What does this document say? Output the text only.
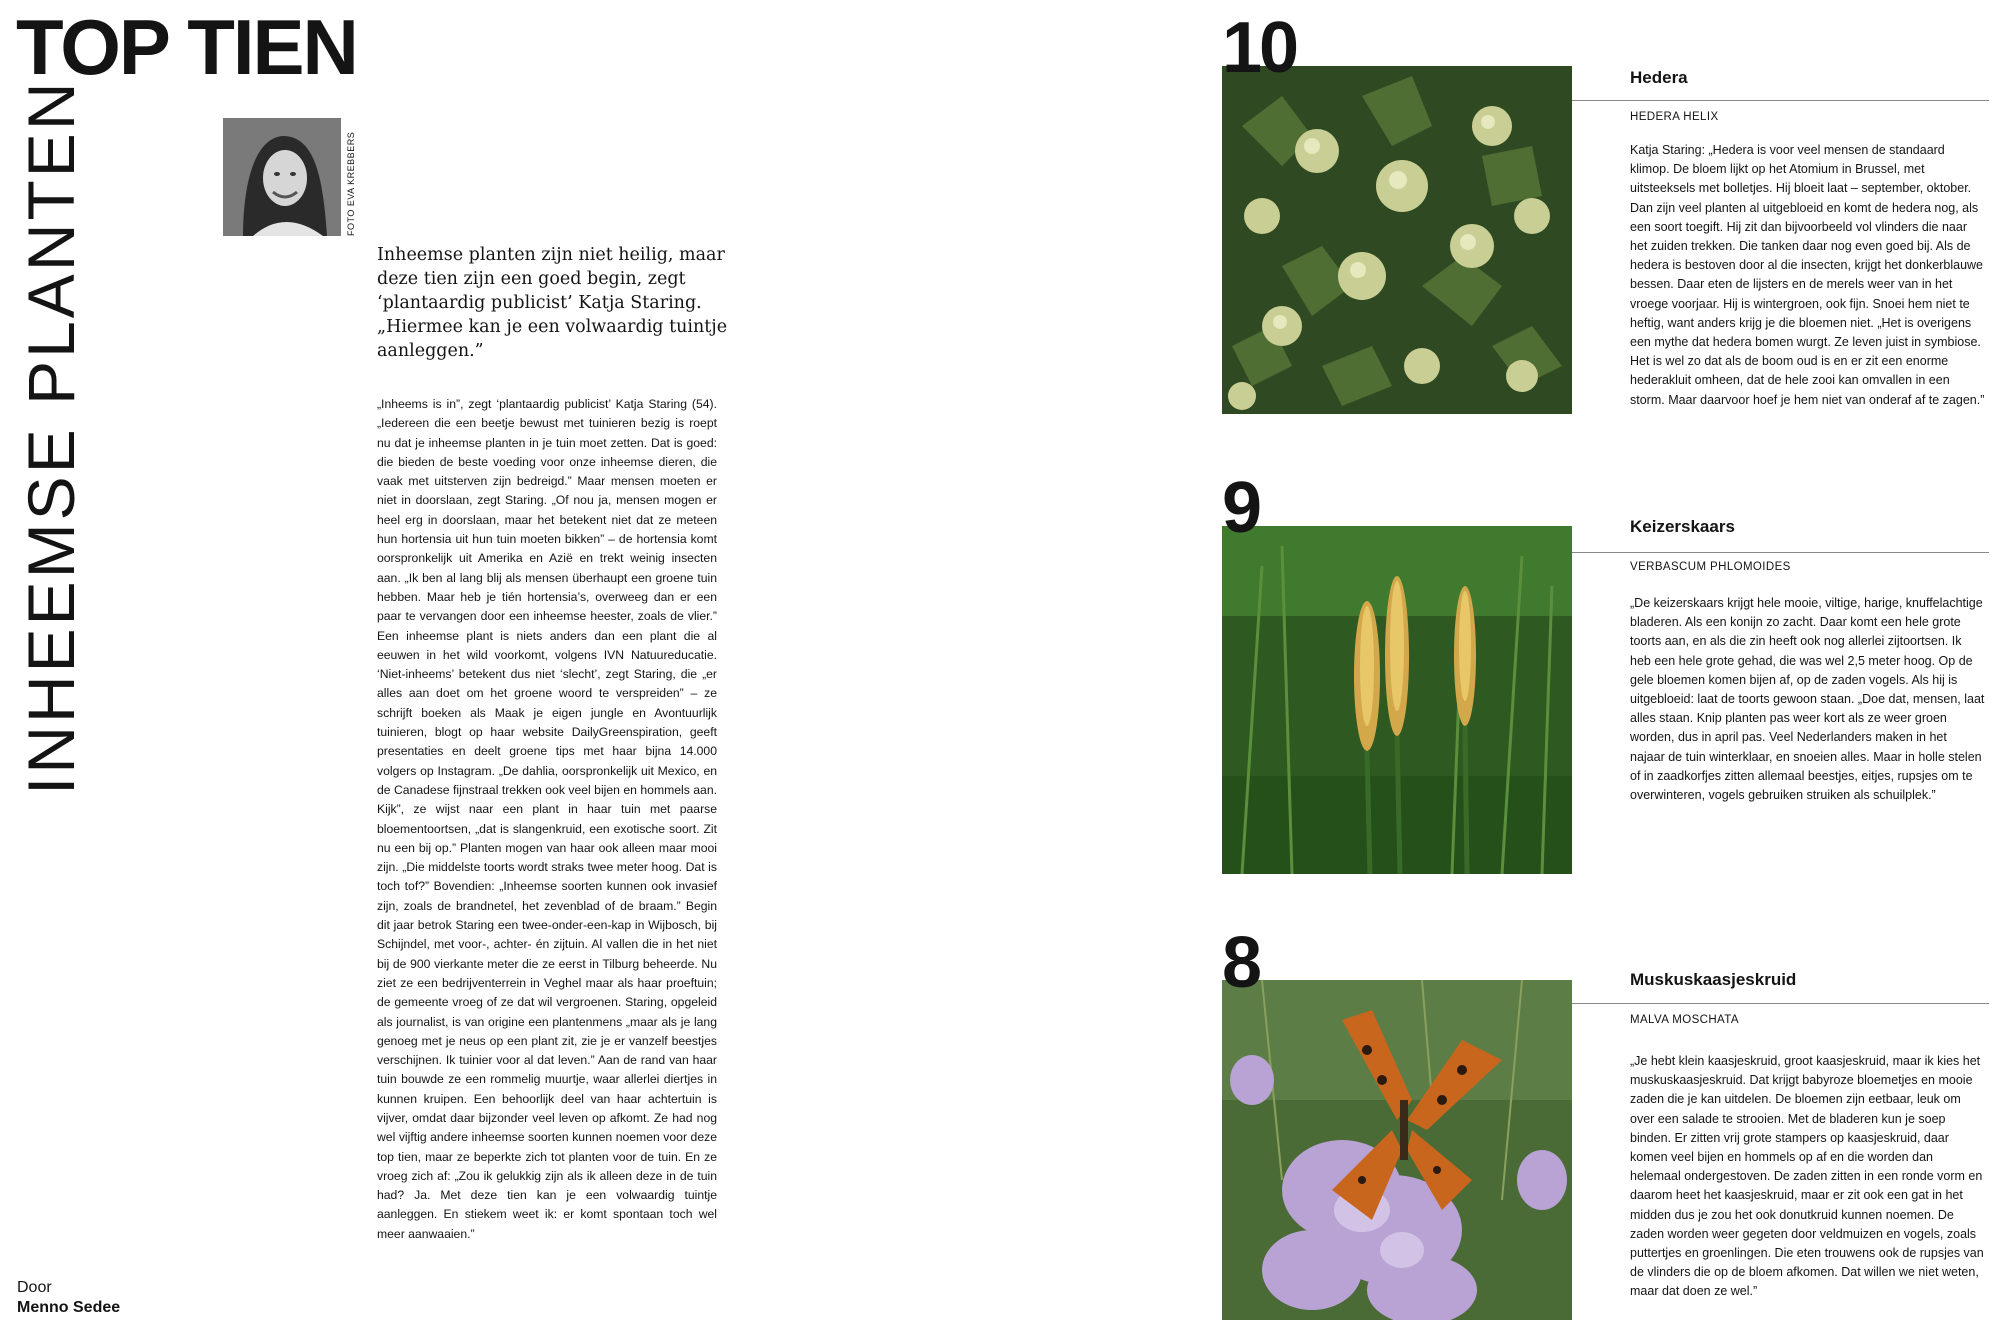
TOP TIEN
INHEEMSE PLANTEN	FOTO EVA KREBBERS

Inheemse planten zijn niet heilig, maar deze tien zijn een goed begin, zegt ‘plantaardig publicist’ Katja Staring. „Hiermee kan je een volwaardig tuintje aanleggen.”

„Inheems is in”, zegt ‘plantaardig publicist’ Katja Staring (54). „Iedereen die een beetje bewust met tuinieren bezig is roept nu dat je inheemse planten in je tuin moet zetten. Dat is goed: die bieden de beste voeding voor onze inheemse dieren, die vaak met uitsterven zijn bedreigd.” Maar mensen moeten er niet in doorslaan, zegt Staring. „Of nou ja, mensen mogen er heel erg in doorslaan, maar het betekent niet dat ze meteen hun hortensia uit hun tuin moeten bikken” – de hortensia komt oorspronkelijk uit Amerika en Azië en trekt weinig insecten aan. „Ik ben al lang blij als mensen überhaupt een groene tuin hebben. Maar heb je tién hortensia’s, overweeg dan er een paar te vervangen door een inheemse heester, zoals de vlier.” Een inheemse plant is niets anders dan een plant die al eeuwen in het wild voorkomt, volgens IVN Natuureducatie. ‘Niet-inheems’ betekent dus niet ‘slecht’, zegt Staring, die „er alles aan doet om het groene woord te verspreiden” – ze schrijft boeken als Maak je eigen jungle en Avontuurlijk tuinieren, blogt op haar website DailyGreenspiration, geeft presentaties en deelt groene tips met haar bijna 14.000 volgers op Instagram. „De dahlia, oorspronkelijk uit Mexico, en de Canadese fijnstraal trekken ook veel bijen en hommels aan. Kijk”, ze wijst naar een plant in haar tuin met paarse bloementoortsen, „dat is slangenkruid, een exotische soort. Zit nu een bij op.” Planten mogen van haar ook alleen maar mooi zijn. „Die middelste toorts wordt straks twee meter hoog. Dat is toch tof?” Bovendien: „Inheemse soorten kunnen ook invasief zijn, zoals de brandnetel, het zevenblad of de braam.” Begin dit jaar betrok Staring een twee-onder-een-kap in Wijbosch, bij Schijndel, met voor-, achter- én zijtuin. Al vallen die in het niet bij de 900 vierkante meter die ze eerst in Tilburg beheerde. Nu ziet ze een bedrijventerrein in Veghel maar als haar proeftuin; de gemeente vroeg of ze dat wil vergroenen. Staring, opgeleid als journalist, is van origine een plantenmens „maar als je lang genoeg met je neus op een plant zit, zie je er vanzelf beestjes verschijnen. Ik tuinier voor al dat leven.” Aan de rand van haar tuin bouwde ze een rommelig muurtje, waar allerlei diertjes in kunnen kruipen. Een behoorlijk deel van haar achtertuin is vijver, omdat daar bijzonder veel leven op afkomt. Ze had nog wel vijftig andere inheemse soorten kunnen noemen voor deze top tien, maar ze beperkte zich tot planten voor de tuin. En ze vroeg zich af: „Zou ik gelukkig zijn als ik alleen deze in de tuin had? Ja. Met deze tien kan je een volwaardig tuintje aanleggen. En stiekem weet ik: er komt spontaan toch wel meer aanwaaien.”

Door
Menno Sedee
10	Hedera
HEDERA HELIX

Katja Staring: „Hedera is voor veel mensen de standaard klimop. De bloem lijkt op het Atomium in Brussel, met uitsteeksels met bolletjes. Hij bloeit laat – september, oktober. Dan zijn veel planten al uitgebloeid en komt de hedera nog, als een soort toegift. Hij zit dan bijvoorbeeld vol vlinders die naar het zuiden trekken. Die tanken daar nog even goed bij. Als de hedera is bestoven door al die insecten, krijgt het donkerblauwe bessen. Daar eten de lijsters en de merels weer van in het vroege voorjaar. Hij is wintergroen, ook fijn. Snoei hem niet te heftig, want anders krijg je die bloemen niet. „Het is overigens een mythe dat hedera bomen wurgt. Ze leven juist in symbiose. Het is wel zo dat als de boom oud is en er zit een enorme hederakluit omheen, dat de hele zooi kan omvallen in een storm. Maar daarvoor hoef je hem niet van onderaf af te zagen.”

9	Keizerskaars
VERBASCUM PHLOMOIDES

„De keizerskaars krijgt hele mooie, viltige, harige, knuffelachtige bladeren. Als een konijn zo zacht. Daar komt een hele grote toorts aan, en als die zin heeft ook nog allerlei zijtoortsen. Ik heb een hele grote gehad, die was wel 2,5 meter hoog. Op de gele bloemen komen bijen af, op de zaden vogels. Als hij is uitgebloeid: laat de toorts gewoon staan. „Doe dat, mensen, laat alles staan. Knip planten pas weer kort als ze weer groen worden, dus in april pas. Veel Nederlanders maken in het najaar de tuin winterklaar, en snoeien alles. Maar in holle stelen of in zaadkorfjes zitten allemaal beestjes, eitjes, rupsjes om te overwinteren, vogels gebruiken struiken als schuilplek.”

8	Muskuskaasjeskruid
MALVA MOSCHATA

„Je hebt klein kaasjeskruid, groot kaasjeskruid, maar ik kies het muskuskaasjeskruid. Dat krijgt babyroze bloemetjes en mooie zaden die je kan uitdelen. De bloemen zijn eetbaar, leuk om over een salade te strooien. Met de bladeren kun je soep binden. Er zitten vrij grote stampers op kaasjeskruid, daar komen veel bijen en hommels op af en die worden dan helemaal ondergestoven. De zaden zitten in een ronde vorm en daarom heet het kaasjeskruid, maar er zit ook een gat in het midden dus je zou het ook donutkruid kunnen noemen. De zaden worden weer gegeten door veldmuizen en vogels, zoals puttertjes en groenlingen. Die eten trouwens ook de rupsjes van de vlinders die op de bloem afkomen. Dat willen we niet weten, maar dat doen ze wel.”
